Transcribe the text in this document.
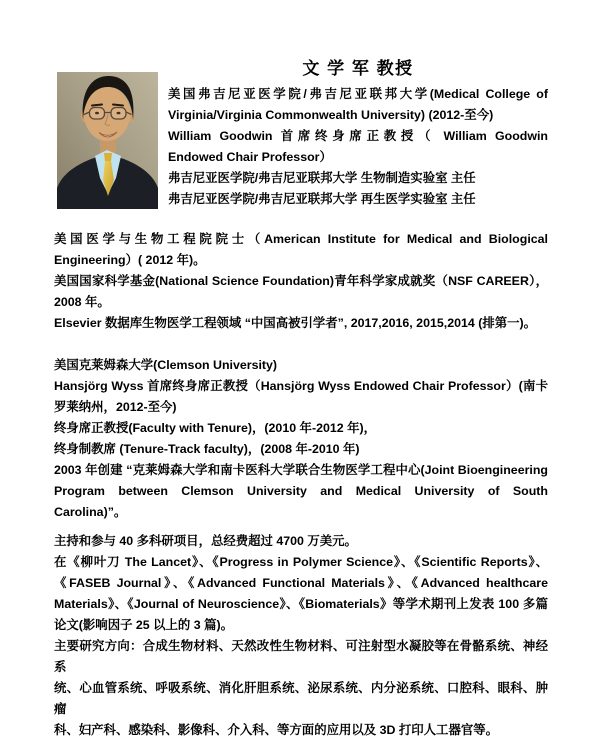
文 学 军 教授
美国弗吉尼亚医学院/弗吉尼亚联邦大学(Medical College of
Virginia/Virginia Commonwealth University) (2012-至今)
William Goodwin 首席终身席正教授（ William Goodwin
Endowed Chair Professor）
弗吉尼亚医学院/弗吉尼亚联邦大学 生物制造实验室 主任
弗吉尼亚医学院/弗吉尼亚联邦大学 再生医学实验室 主任
美国医学与生物工程院院士（American Institute for Medical and Biological
Engineering）( 2012 年)。
美国国家科学基金(National Science Foundation)青年科学家成就奖（NSF CAREER），
2008 年。
Elsevier 数据库生物医学工程领域 “中国高被引学者”, 2017,2016, 2015,2014 (排第一)。
美国克莱姆森大学(Clemson University)
Hansjörg Wyss 首席终身席正教授（Hansjörg Wyss Endowed Chair Professor）(南卡
罗莱纳州，2012-至今)
终身席正教授(Faculty with Tenure)，(2010 年-2012 年)，
终身制教席 (Tenure-Track faculty)，(2008 年-2010 年)
2003 年创建 “克莱姆森大学和南卡医科大学联合生物医学工程中心(Joint Bioengineering
Program between Clemson University and Medical University of South
Carolina)”。
主持和参与 40 多科研项目，总经费超过 4700 万美元。
在《柳叶刀 The Lancet》、《Progress in Polymer Science》、《Scientific Reports》、
《FASEB Journal》、《Advanced Functional Materials》、《Advanced healthcare
Materials》、《Journal of Neuroscience》、《Biomaterials》等学术期刊上发表 100 多篇
论文(影响因子 25 以上的 3 篇)。
主要研究方向：合成生物材料、天然改性生物材料、可注射型水凝胶等在骨骼系统、神经系
统、心血管系统、呼吸系统、消化肝胆系统、泌尿系统、内分泌系统、口腔科、眼科、肿瘤
科、妇产科、感染科、影像科、介入科、等方面的应用以及 3D 打印人工器官等。
